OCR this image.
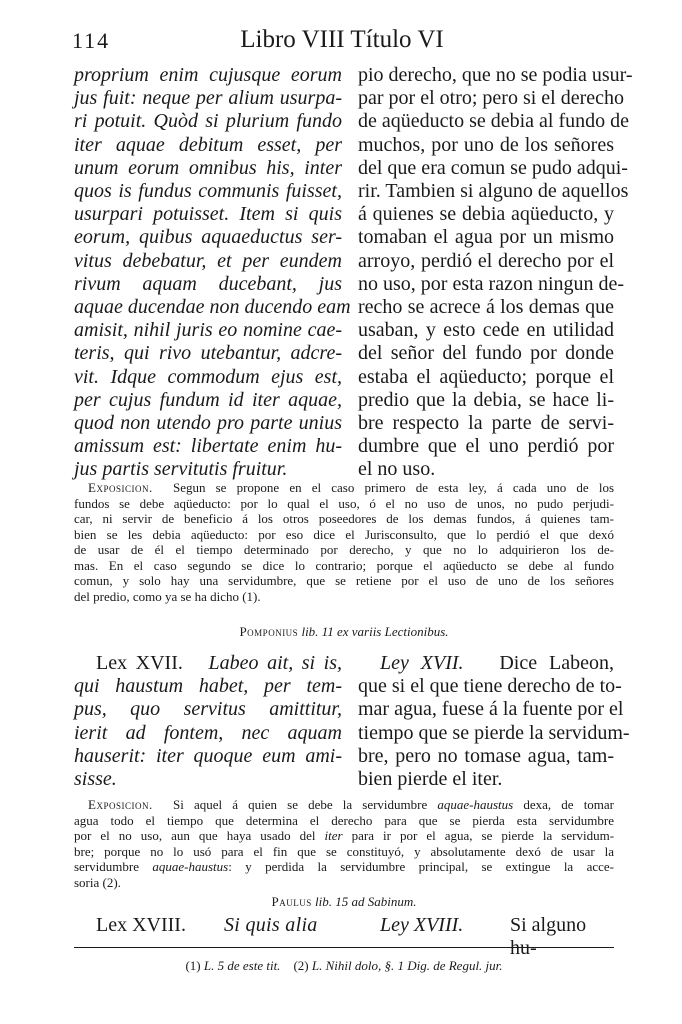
114	Libro VIII Título VI
proprium enim cujusque eorum
jus fuit: neque per alium usurpa-
ri potuit. Quòd si plurium fundo
iter aquae debitum esset, per
unum eorum omnibus his, inter
quos is fundus communis fuisset,
usurpari potuisset. Item si quis
eorum, quibus aquaeductus ser-
vitus debebatur, et per eundem
rivum aquam ducebant, jus
aquae ducendae non ducendo eam
amisit, nihil juris eo nomine cae-
teris, qui rivo utebantur, adcre-
vit. Idque commodum ejus est,
per cujus fundum id iter aquae,
quod non utendo pro parte unius
amissum est: libertate enim hu-
jus partis servitutis fruitur.
pio derecho, que no se podia usur-
par por el otro; pero si el derecho
de aqüeducto se debia al fundo de
muchos, por uno de los señores
del que era comun se pudo adqui-
rir. Tambien si alguno de aquellos
á quienes se debia aqüeducto, y
tomaban el agua por un mismo
arroyo, perdió el derecho por el
no uso, por esta razon ningun de-
recho se acrece á los demas que
usaban, y esto cede en utilidad
del señor del fundo por donde
estaba el aqüeducto; porque el
predio que la debia, se hace li-
bre respecto la parte de servi-
dumbre que el uno perdió por
el no uso.
Exposicion. Segun se propone en el caso primero de esta ley, á cada uno de los
fundos se debe aqüeducto: por lo qual el uso, ó el no uso de unos, no pudo perjudi-
car, ni servir de beneficio á los otros poseedores de los demas fundos, á quienes tam-
bien se les debia aqüeducto: por eso dice el Jurisconsulto, que lo perdió el que dexó
de usar de él el tiempo determinado por derecho, y que no lo adquirieron los de-
mas. En el caso segundo se dice lo contrario; porque el aqüeducto se debe al fundo
comun, y solo hay una servidumbre, que se retiene por el uso de uno de los señores
del predio, como ya se ha dicho (1).
Pomponius lib. 11 ex variis Lectionibus.
Lex XVII. Labeo ait, si is,
qui haustum habet, per tem-
pus, quo servitus amittitur,
ierit ad fontem, nec aquam
hauserit: iter quoque eum ami-
sisse.
Ley XVII. Dice Labeon,
que si el que tiene derecho de to-
mar agua, fuese á la fuente por el
tiempo que se pierde la servidum-
bre, pero no tomase agua, tam-
bien pierde el iter.
Exposicion. Si aquel á quien se debe la servidumbre aquae-haustus dexa, de tomar
agua todo el tiempo que determina el derecho para que se pierda esta servidumbre
por el no uso, aun que haya usado del iter para ir por el agua, se pierde la servidum-
bre; porque no lo usó para el fin que se constituyó, y absolutamente dexó de usar la
servidumbre aquae-haustus: y perdida la servidumbre principal, se extingue la acce-
soria (2).
Paulus lib. 15 ad Sabinum.
Lex XVIII. Si quis alia	Ley XVIII. Si alguno hu-
(1) L. 5 de este tit. (2) L. Nihil dolo, §. 1 Dig. de Regul. jur.
